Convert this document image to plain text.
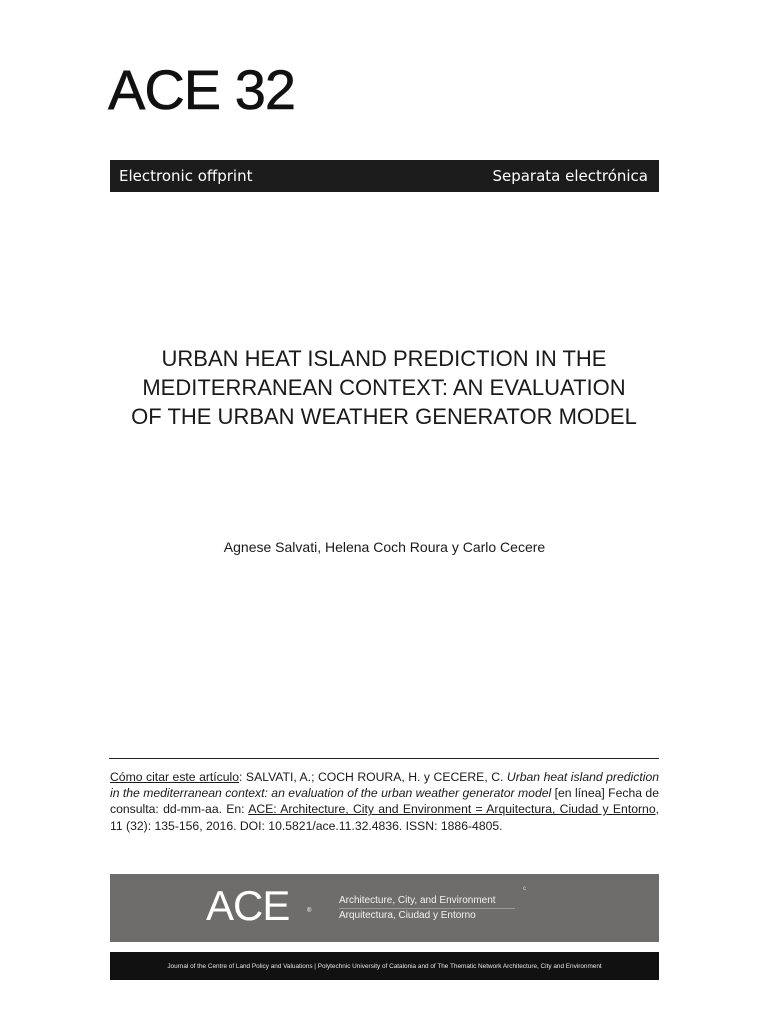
ACE 32
Electronic offprint	Separata electrónica
URBAN HEAT ISLAND PREDICTION IN THE
MEDITERRANEAN CONTEXT: AN EVALUATION
OF THE URBAN WEATHER GENERATOR MODEL
Agnese Salvati, Helena Coch Roura y Carlo Cecere
Cómo citar este artículo: SALVATI, A.; COCH ROURA, H. y CECERE, C. Urban heat island prediction in the mediterranean context: an evaluation of the urban weather generator model [en línea] Fecha de consulta: dd-mm-aa. En: ACE: Architecture, City and Environment = Arquitectura, Ciudad y Entorno, 11 (32): 135-156, 2016. DOI: 10.5821/ace.11.32.4836. ISSN: 1886-4805.
ACE	®
Architecture, City, and Environment
Arquitectura, Ciudad y Entorno
c
Journal of the Centre of Land Policy and Valuations | Polytechnic University of Catalonia and of The Thematic Network Architecture, City and Environment
